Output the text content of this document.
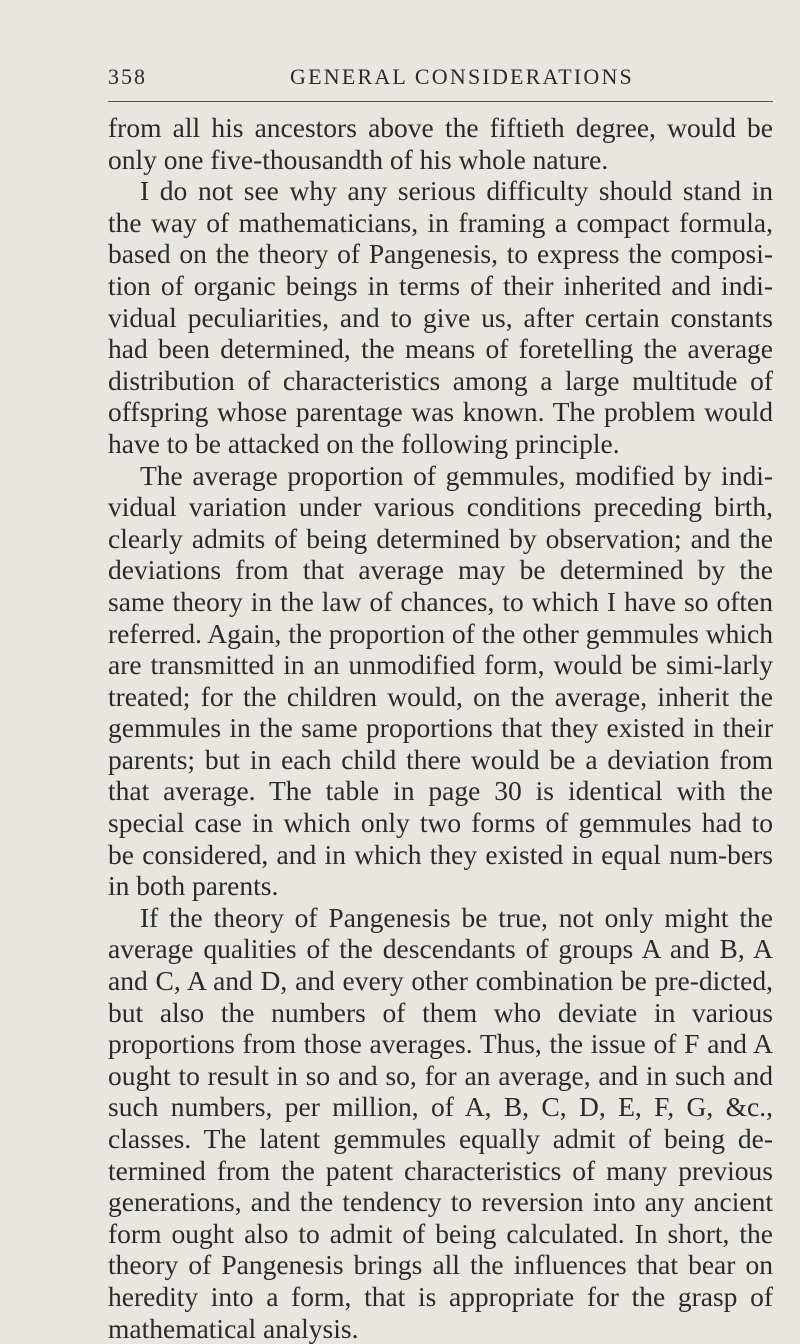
358	GENERAL CONSIDERATIONS

from all his ancestors above the fiftieth degree, would be only one five-thousandth of his whole nature.

I do not see why any serious difficulty should stand in the way of mathematicians, in framing a compact formula, based on the theory of Pangenesis, to express the composi-tion of organic beings in terms of their inherited and indi-vidual peculiarities, and to give us, after certain constants had been determined, the means of foretelling the average distribution of characteristics among a large multitude of offspring whose parentage was known. The problem would have to be attacked on the following principle.

The average proportion of gemmules, modified by indi-vidual variation under various conditions preceding birth, clearly admits of being determined by observation; and the deviations from that average may be determined by the same theory in the law of chances, to which I have so often referred. Again, the proportion of the other gemmules which are transmitted in an unmodified form, would be simi-larly treated; for the children would, on the average, inherit the gemmules in the same proportions that they existed in their parents; but in each child there would be a deviation from that average. The table in page 30 is identical with the special case in which only two forms of gemmules had to be considered, and in which they existed in equal num-bers in both parents.

If the theory of Pangenesis be true, not only might the average qualities of the descendants of groups A and B, A and C, A and D, and every other combination be pre-dicted, but also the numbers of them who deviate in various proportions from those averages. Thus, the issue of F and A ought to result in so and so, for an average, and in such and such numbers, per million, of A, B, C, D, E, F, G, &c., classes. The latent gemmules equally admit of being de-termined from the patent characteristics of many previous generations, and the tendency to reversion into any ancient form ought also to admit of being calculated. In short, the theory of Pangenesis brings all the influences that bear on heredity into a form, that is appropriate for the grasp of mathematical analysis.
